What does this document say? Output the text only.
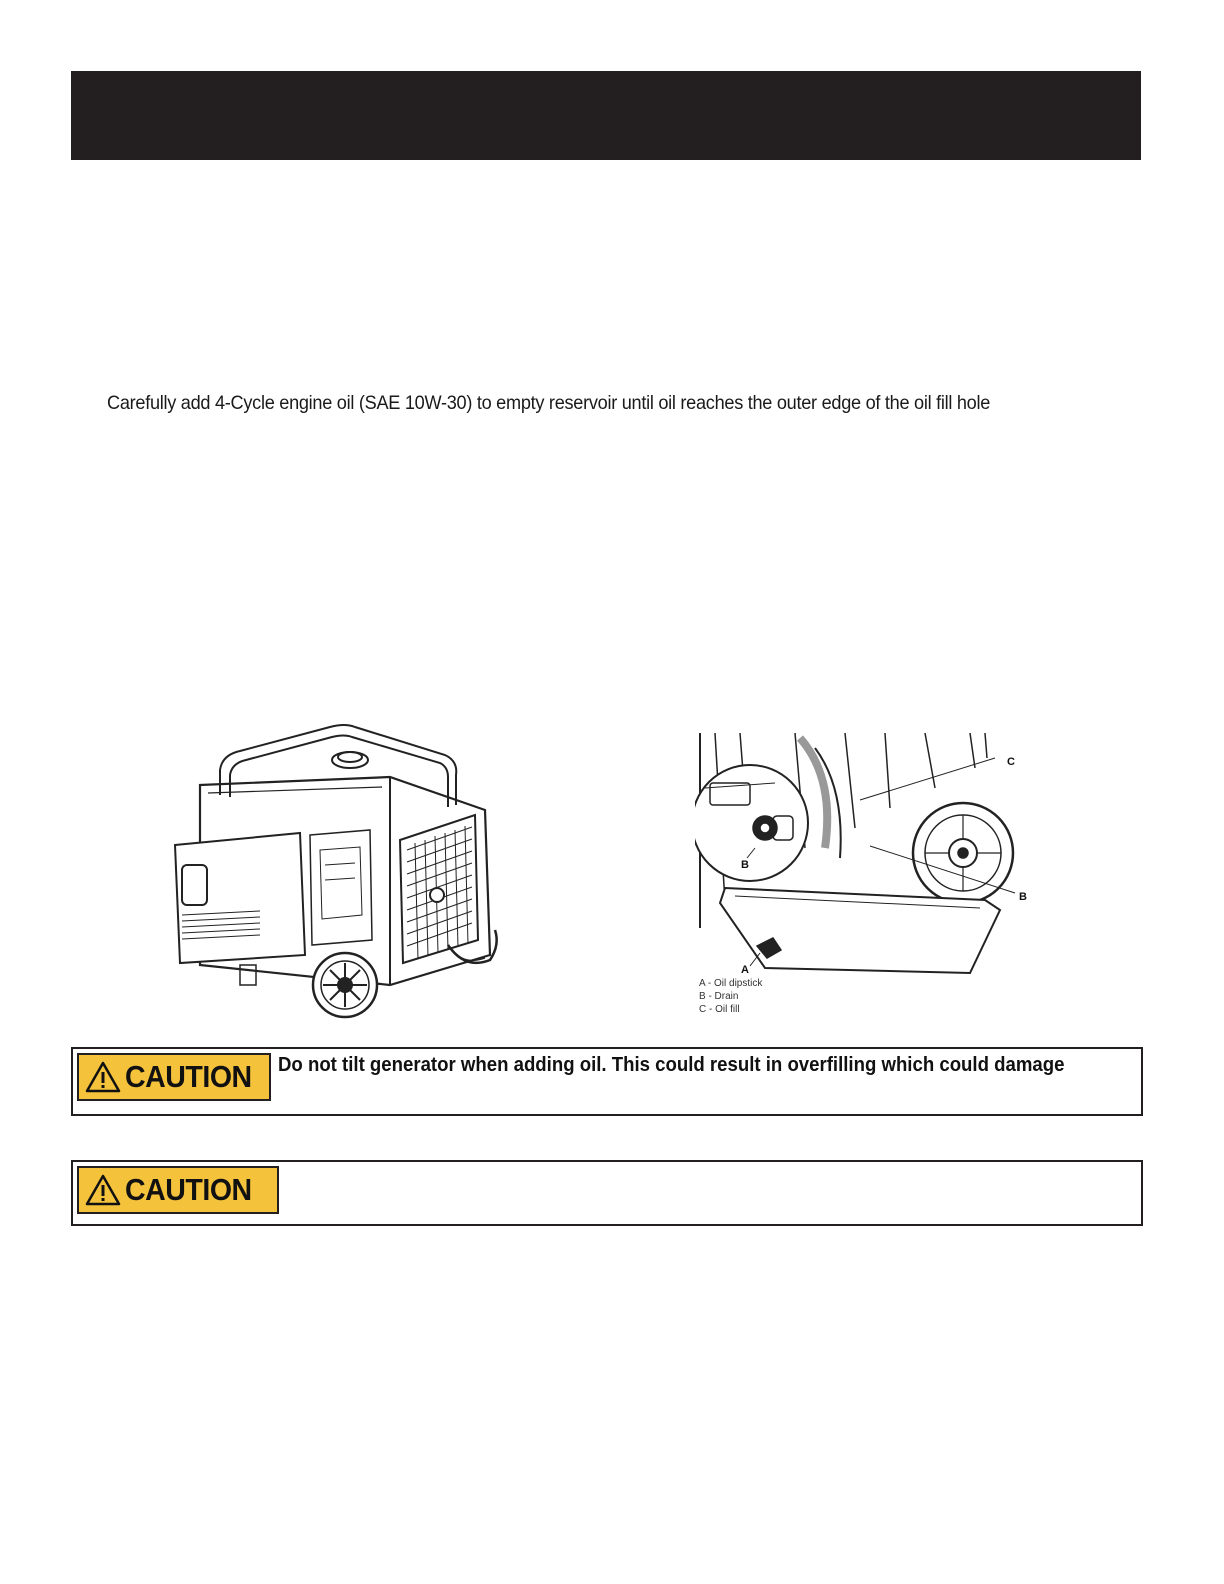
Carefully add 4-Cycle engine oil (SAE 10W-30) to empty reservoir until oil reaches the outer edge of the oil fill hole
C
B
B
A
A - Oil dipstick
B - Drain
C - Oil fill
CAUTION Do not tilt generator when adding oil. This could result in overfilling which could damage
CAUTION
